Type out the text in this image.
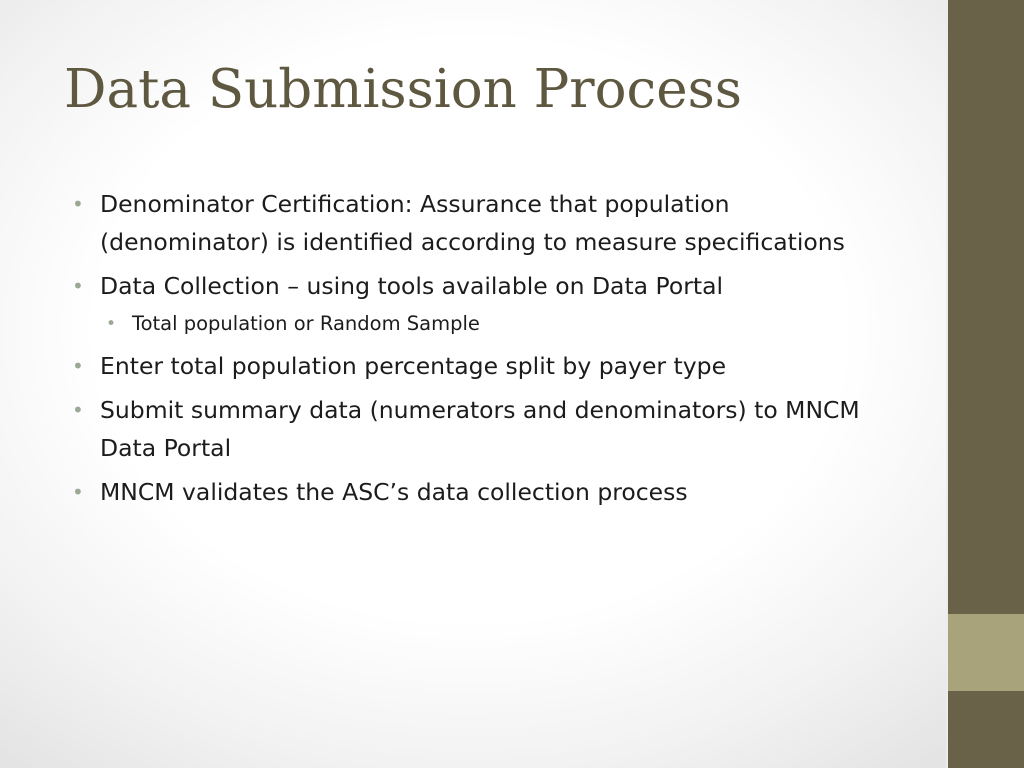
Data Submission Process
• Denominator Certification: Assurance that population (denominator) is identified according to measure specifications
• Data Collection – using tools available on Data Portal
• Total population or Random Sample
• Enter total population percentage split by payer type
• Submit summary data (numerators and denominators) to MNCM Data Portal
• MNCM validates the ASC’s data collection process
